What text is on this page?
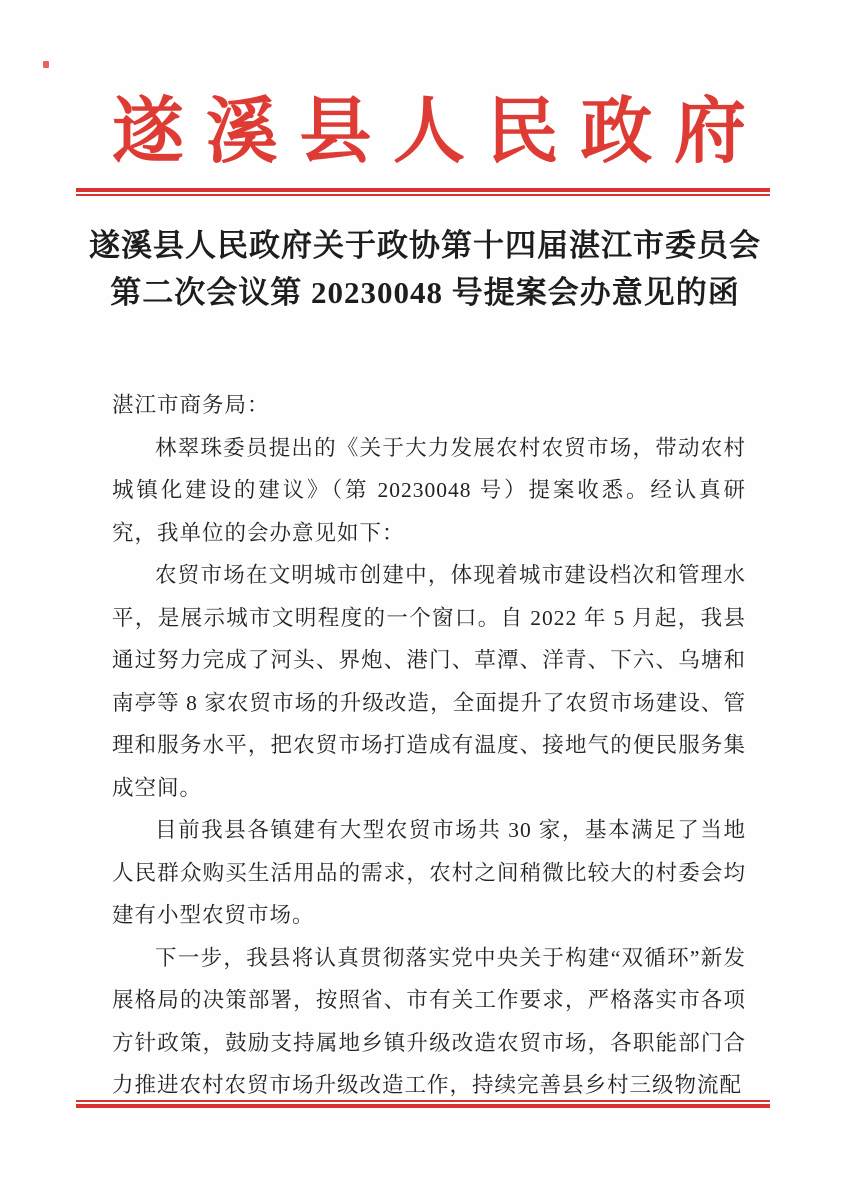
遂溪县人民政府
遂溪县人民政府关于政协第十四届湛江市委员会
第二次会议第 20230048 号提案会办意见的函

湛江市商务局：

林翠珠委员提出的《关于大力发展农村农贸市场，带动农村城镇化建设的建议》（第 20230048 号）提案收悉。经认真研究，我单位的会办意见如下：

农贸市场在文明城市创建中，体现着城市建设档次和管理水平，是展示城市文明程度的一个窗口。自 2022 年 5 月起，我县通过努力完成了河头、界炮、港门、草潭、洋青、下六、乌塘和南亭等 8 家农贸市场的升级改造，全面提升了农贸市场建设、管理和服务水平，把农贸市场打造成有温度、接地气的便民服务集成空间。

目前我县各镇建有大型农贸市场共 30 家，基本满足了当地人民群众购买生活用品的需求，农村之间稍微比较大的村委会均建有小型农贸市场。

下一步，我县将认真贯彻落实党中央关于构建“双循环”新发展格局的决策部署，按照省、市有关工作要求，严格落实市各项方针政策，鼓励支持属地乡镇升级改造农贸市场，各职能部门合力推进农村农贸市场升级改造工作，持续完善县乡村三级物流配
